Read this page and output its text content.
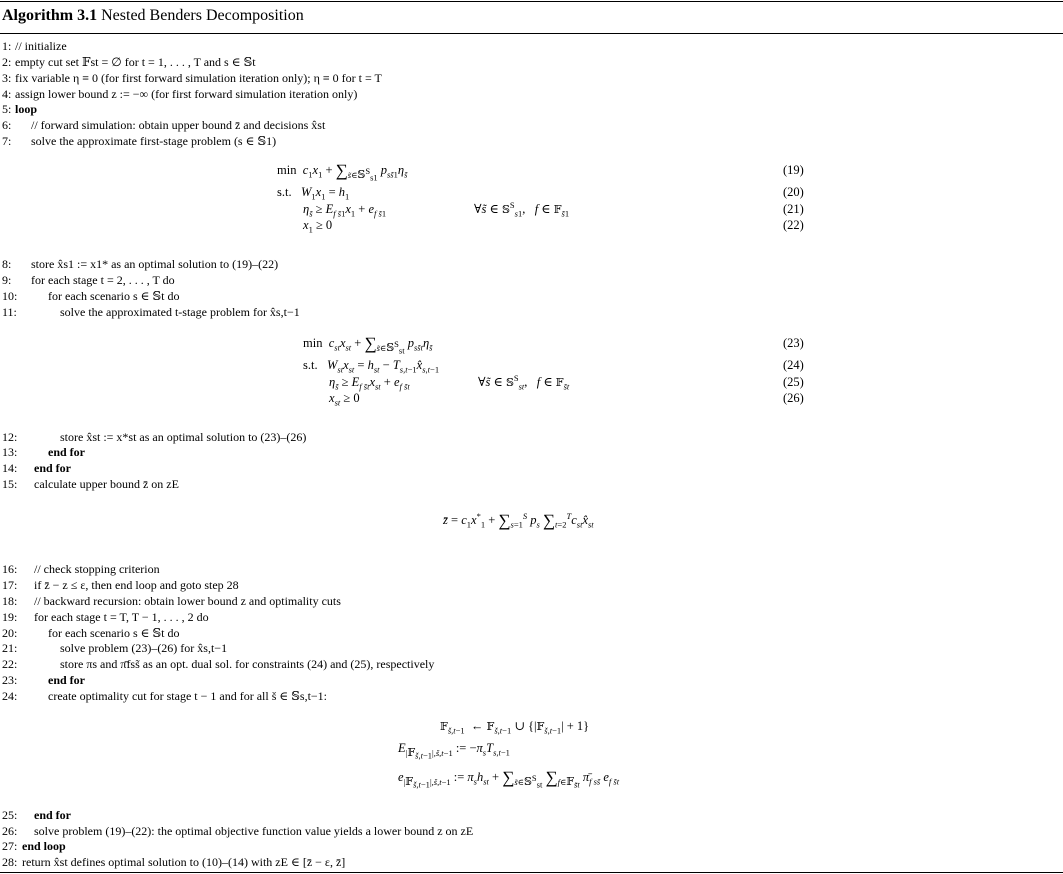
Algorithm 3.1 Nested Benders Decomposition
1: // initialize
2: empty cut set 𝔽st = ∅ for t = 1, . . . , T and s ∈ 𝕊t
3: fix variable η ≡ 0 (for first forward simulation iteration only); η ≡ 0 for t = T
4: assign lower bound z := −∞ (for first forward simulation iteration only)
5: loop
6: // forward simulation: obtain upper bound z̄ and decisions x̂st
7: solve the approximate first-stage problem (s ∈ 𝕊1)
$\min c_1x_1 + \sum_{s̃\in 𝕊^S_{s1}}$ $p_{ss̃1}\eta_{s̃}$	(19)
s.t.   $W_1x_1 = h_1$	(20)
$\eta_{s̃} \ge E_{f s̃1}x_1 + e_{f s̃1}$	∀s̃ ∈ 𝕊$^S_{s1}$,   f ∈ 𝔽$_{s̃1}$	(21)
$x_1 \ge 0$	(22)
8: store x̂s1 := x1* as an optimal solution to (19)–(22)
9: for each stage t = 2, . . . , T do
10:	for each scenario s ∈ 𝕊t do
11:	solve the approximated t-stage problem for x̂s,t−1
$\min c_{st}x_{st} + \sum_{s̃\in 𝕊^S_{st}}$ $p_{ss̃t}\eta_{s̃}$	(23)
s.t.   $W_{st}x_{st} = h_{st}$ − $T_{s,t-1}x̂_{s,t-1}$	(24)
$\eta_{s̃} \ge E_{f s̃t}x_{st} + e_{f s̃t}$	∀s̃ ∈ 𝕊$^S_{st}$,   f ∈ 𝔽$_{s̃t}$	(25)
$x_{st} \ge 0$	(26)
12:	store x̂st := x*st as an optimal solution to (23)–(26)
13:	end for
14: end for
15: calculate upper bound z̄ on zE
z̄ = $c_1x^*_1 + \sum_{s=1}^S$ $p_s$ $\sum_{t=2}^Tc_{st}x̂_{st}$
16: // check stopping criterion
17: if z̄ − z ≤ ε, then end loop and goto step 28
18: // backward recursion: obtain lower bound z and optimality cuts
19: for each stage t = T, T − 1, . . . , 2 do
20:	for each scenario s ∈ 𝕊t do
21:	solve problem (23)–(26) for x̂s,t−1
22:	store πs and π̄fss̃ as an opt. dual sol. for constraints (24) and (25), respectively
23:	end for
24:	create optimality cut for stage t − 1 and for all š ∈ 𝕊s,t−1:
𝔽$_{š,t-1}$  ← 𝔽$_{š,t-1}$ ∪ {|𝔽$_{š,t-1}$| + 1}
$E_{|𝔽_{š,t-1}|,š,t-1}$ := $-\pi_sT_{s,t-1}$
$e_{|𝔽_{š,t-1}|,š,t-1}$ := $\pi_sh_{st} + \sum_{s̃\in 𝕊^S_{st}}$ $\sum_{f\in 𝔽_{s̃t}}$ $\pī_{f ss̃}$ $e_{f s̃t}$
25: end for
26: solve problem (19)–(22): the optimal objective function value yields a lower bound z on zE
27: end loop
28: return x̂st defines optimal solution to (10)–(14) with zE ∈ [z̄ − ε, z̄]
